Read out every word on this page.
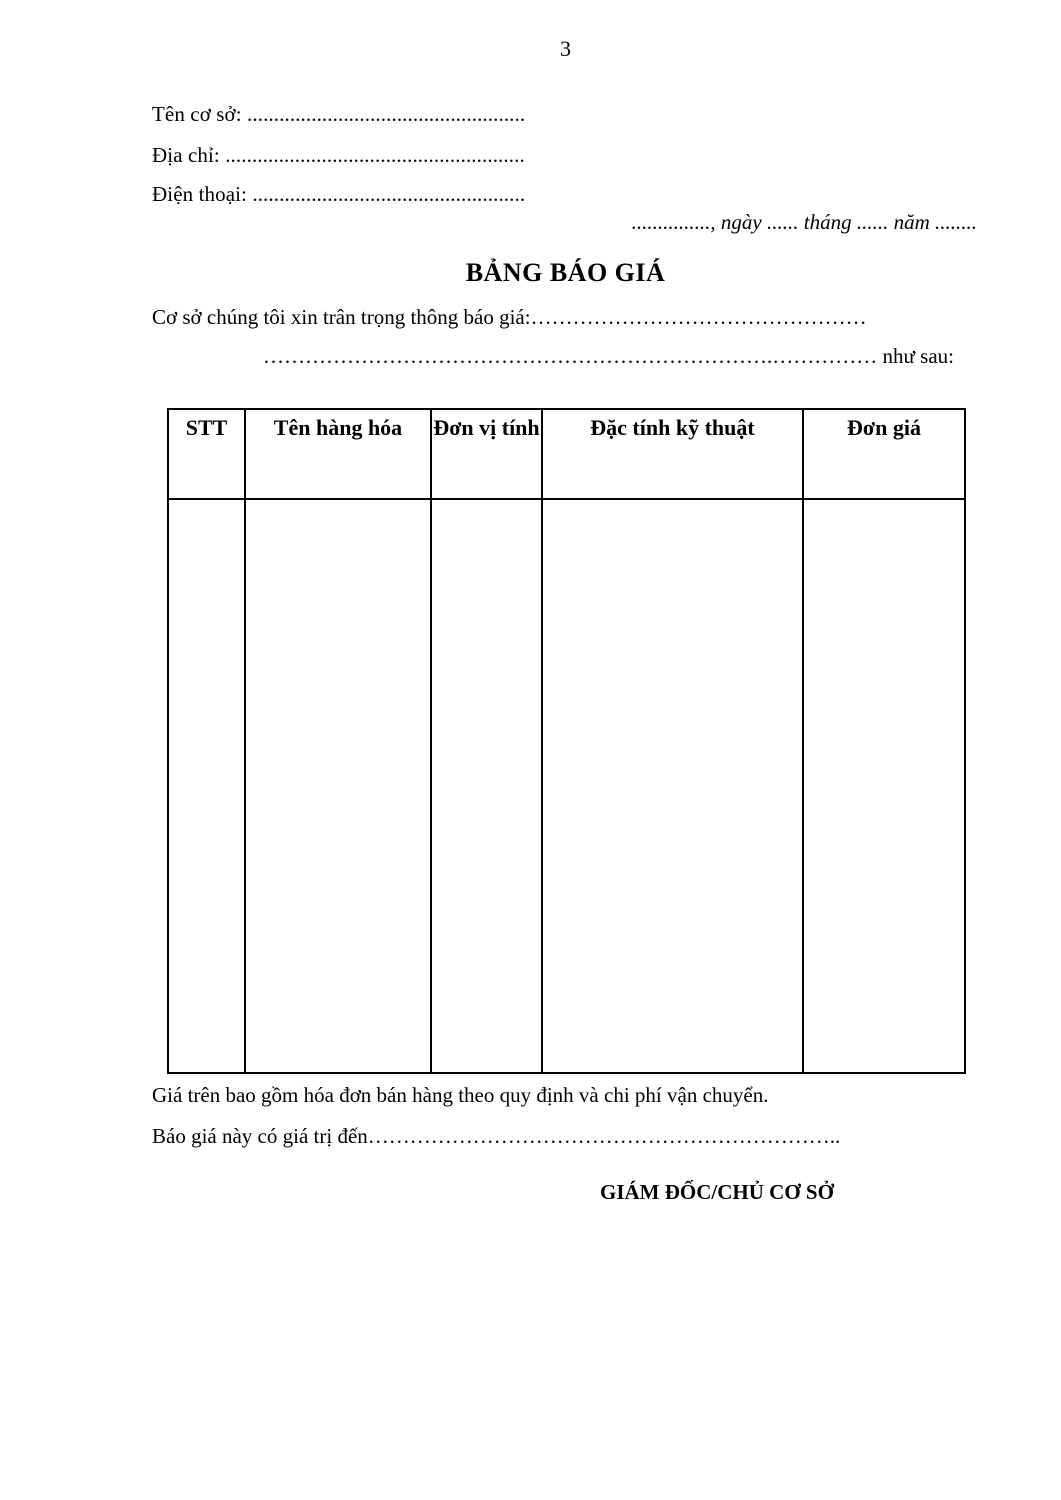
3
Tên cơ sở: ....................................................
Địa chỉ: ........................................................
Điện thoại: ...................................................
..............., ngày ...... tháng ...... năm ........
BẢNG BÁO GIÁ
Cơ sở chúng tôi xin trân trọng thông báo giá:…………………………………………
……………………………………………………………….…………… như sau:
STT	Tên hàng hóa	Đơn vị tính	Đặc tính kỹ thuật	Đơn giá

Giá trên bao gồm hóa đơn bán hàng theo quy định và chi phí vận chuyển.
Báo giá này có giá trị đến…………………………………………………………..
GIÁM ĐỐC/CHỦ CƠ SỞ
